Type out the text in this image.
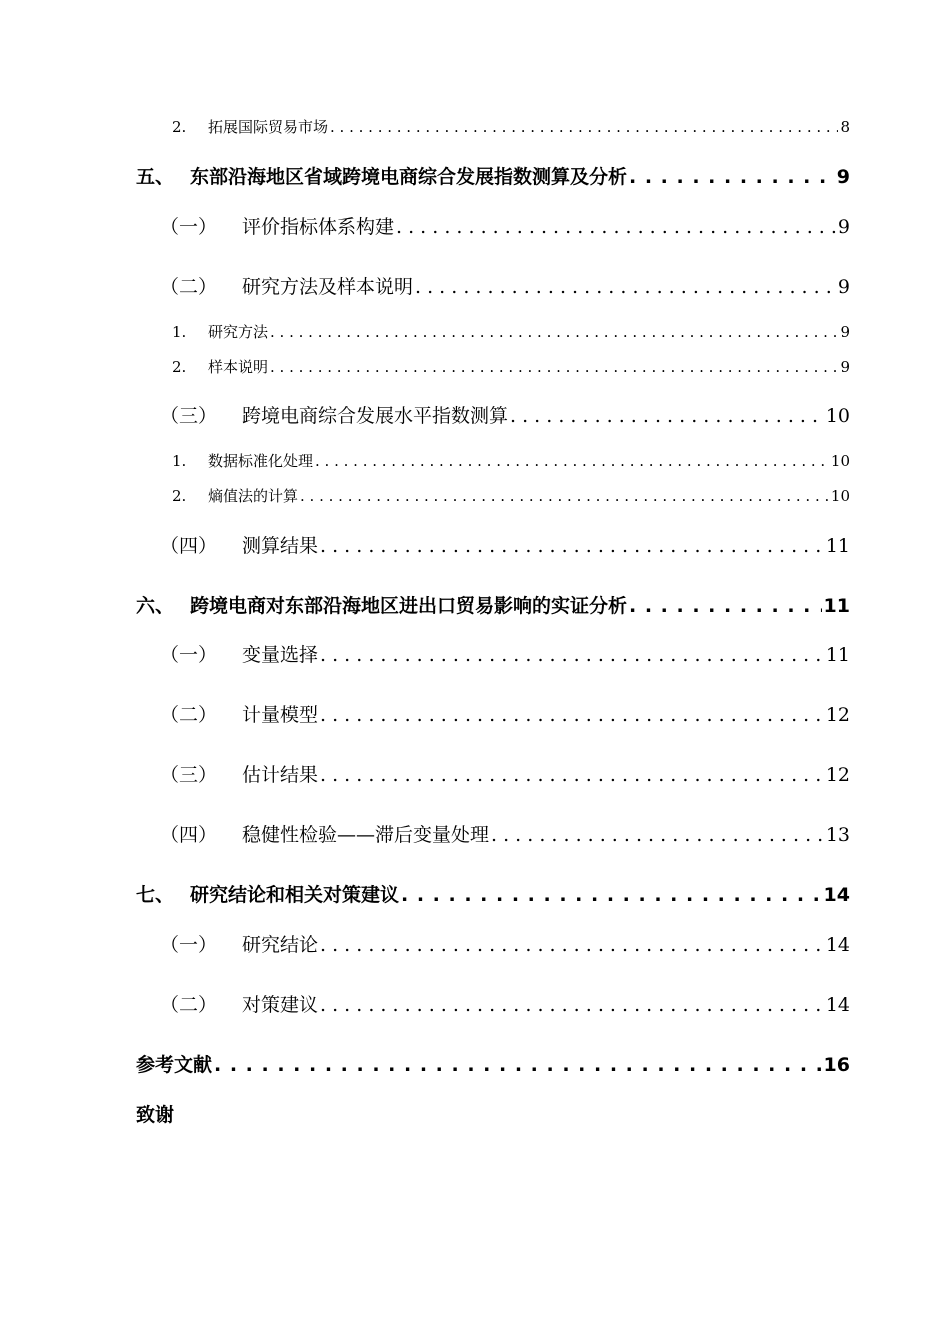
2.	拓展国际贸易市场 . . .	8
五、 东部沿海地区省域跨境电商综合发展指数测算及分析 . . .	9
（一）	评价指标体系构建 . . .	9
（二）	研究方法及样本说明 . . .	9
1.	研究方法 . . .	9
2.	样本说明 . . .	9
（三）	跨境电商综合发展水平指数测算 . . .	10
1.	数据标准化处理 . . .	10
2.	熵值法的计算 . . .	10
（四）	测算结果 . . .	11
六、 跨境电商对东部沿海地区进出口贸易影响的实证分析 . . .	11
（一）	变量选择 . . .	11
（二）	计量模型 . . .	12
（三）	估计结果 . . .	12
（四）	稳健性检验——滞后变量处理 . . .	13
七、 研究结论和相关对策建议 . . .	14
（一）	研究结论 . . .	14
（二）	对策建议 . . .	14
参考文献 . . .	16
致谢
